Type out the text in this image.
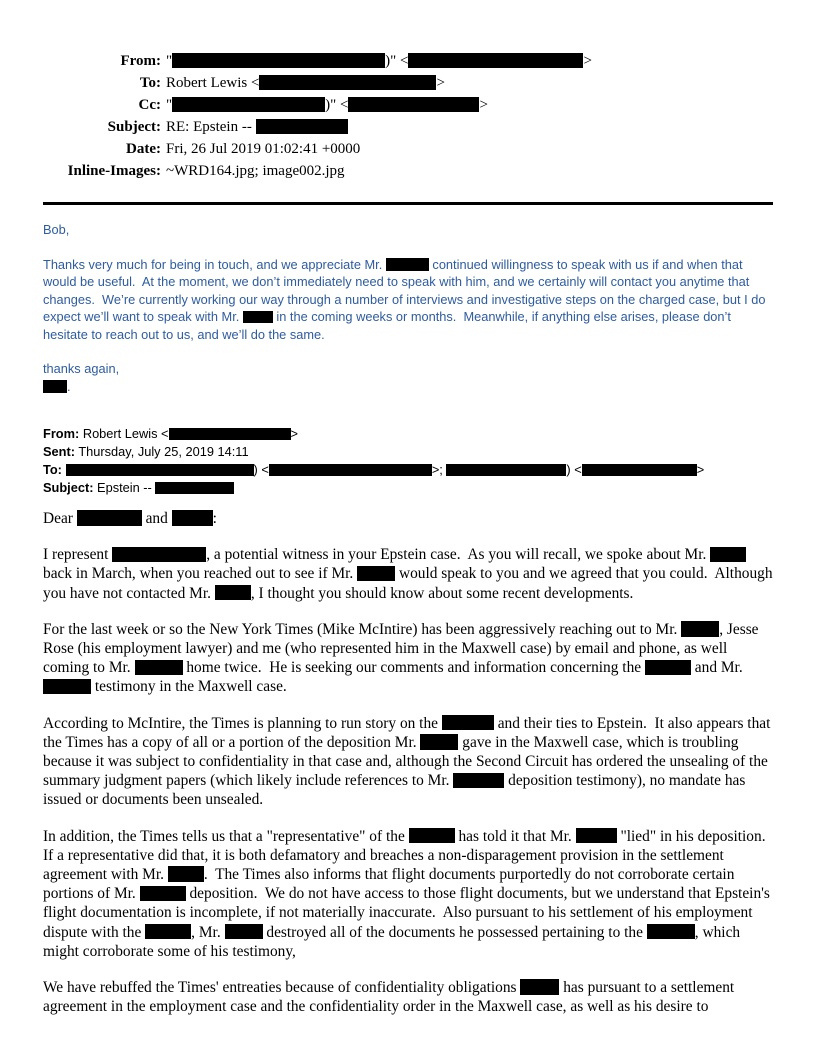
From: "	)" <	>
To: Robert Lewis <	>
Cc: "	)" <	>
Subject: RE: Epstein --
Date: Fri, 26 Jul 2019 01:02:41 +0000
Inline-Images: ~WRD164.jpg; image002.jpg

Bob,

Thanks very much for being in touch, and we appreciate Mr.	continued willingness to speak with us if and when that would be useful.  At the moment, we don’t immediately need to speak with him, and we certainly will contact you anytime that changes.  We’re currently working our way through a number of interviews and investigative steps on the charged case, but I do expect we’ll want to speak with Mr.  in the coming weeks or months.  Meanwhile, if anything else arises, please don’t hesitate to reach out to us, and we’ll do the same.

thanks again,
.

From: Robert Lewis <	>
Sent: Thursday, July 25, 2019 14:11
To:	) <	>;	) <	>
Subject: Epstein --

Dear	and	:

I represent	, a potential witness in your Epstein case.  As you will recall, we spoke about Mr.  back in March, when you reached out to see if Mr.  would speak to you and we agreed that you could.  Although you have not contacted Mr. , I thought you should know about some recent developments.

For the last week or so the New York Times (Mike McIntire) has been aggressively reaching out to Mr. , Jesse Rose (his employment lawyer) and me (who represented him in the Maxwell case) by email and phone, as well coming to Mr.	home twice.  He is seeking our comments and information concerning the	and Mr.  testimony in the Maxwell case.

According to McIntire, the Times is planning to run story on the	and their ties to Epstein.  It also appears that the Times has a copy of all or a portion of the deposition Mr.  gave in the Maxwell case, which is troubling because it was subject to confidentiality in that case and, although the Second Circuit has ordered the unsealing of the summary judgment papers (which likely include references to Mr.	deposition testimony), no mandate has issued or documents been unsealed.

In addition, the Times tells us that a "representative" of the	has told it that Mr.	"lied" in his deposition.  If a representative did that, it is both defamatory and breaches a non-disparagement provision in the settlement agreement with Mr. .  The Times also informs that flight documents purportedly do not corroborate certain portions of Mr.	deposition.  We do not have access to those flight documents, but we understand that Epstein's flight documentation is incomplete, if not materially inaccurate.  Also pursuant to his settlement of his employment dispute with the	, Mr.  destroyed all of the documents he possessed pertaining to the	, which might corroborate some of his testimony,

We have rebuffed the Times' entreaties because of confidentiality obligations	has pursuant to a settlement agreement in the employment case and the confidentiality order in the Maxwell case, as well as his desire to
